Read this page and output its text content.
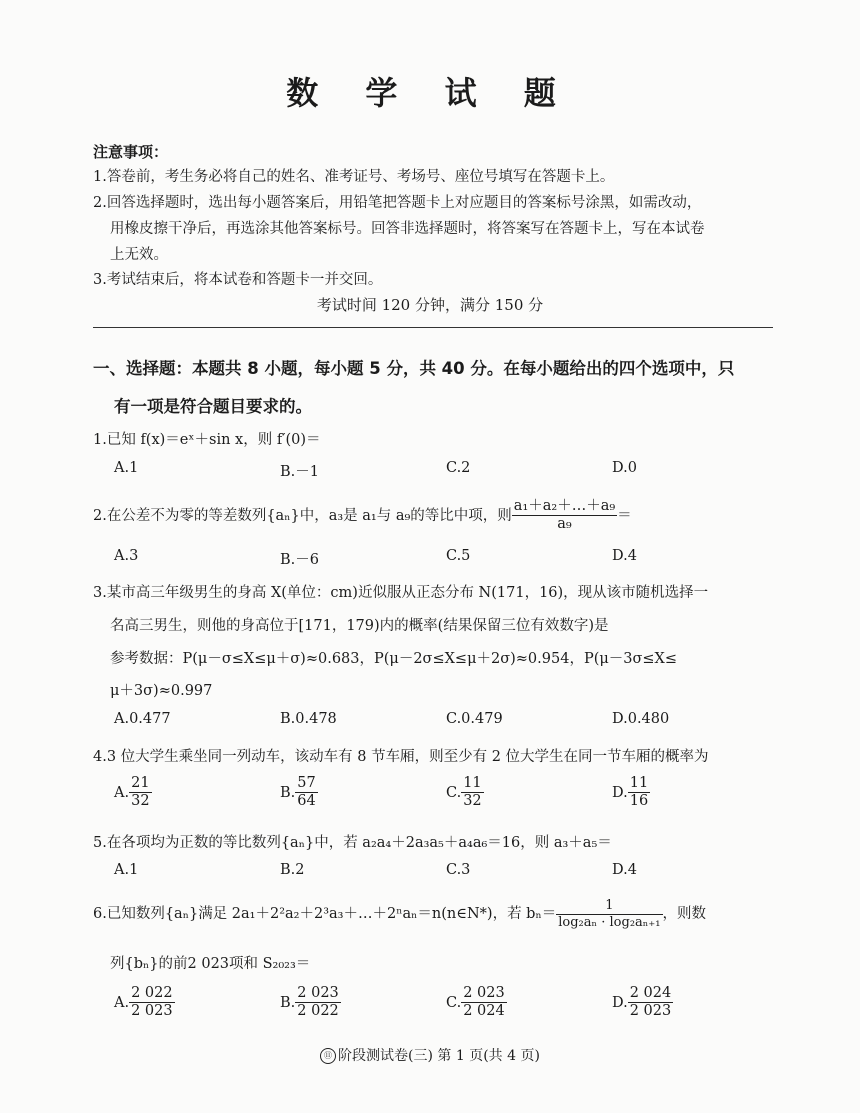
数 学 试 题
注意事项：
1.答卷前，考生务必将自己的姓名、准考证号、考场号、座位号填写在答题卡上。
2.回答选择题时，选出每小题答案后，用铅笔把答题卡上对应题目的答案标号涂黑，如需改动，
用橡皮擦干净后，再选涂其他答案标号。回答非选择题时，将答案写在答题卡上，写在本试卷
上无效。
3.考试结束后，将本试卷和答题卡一并交回。
考试时间 120 分钟，满分 150 分
一、选择题：本题共 8 小题，每小题 5 分，共 40 分。在每小题给出的四个选项中，只
有一项是符合题目要求的。
1.已知 f(x)＝eˣ＋sin x，则 f′(0)＝
A.1	B.－1	C.2	D.0
2.在公差不为零的等差数列{aₙ}中，a₃是 a₁与 a₉的等比中项，则 $\frac{\text{a₁＋a₂＋…＋a₉}}{\text{a₉}}$ ＝
A.3	B.－6	C.5	D.4
3.某市高三年级男生的身高 X(单位：cm)近似服从正态分布 N(171，16)，现从该市随机选择一
名高三男生，则他的身高位于[171，179)内的概率(结果保留三位有效数字)是
参考数据：P(μ－σ≤X≤μ＋σ)≈0.683，P(μ－2σ≤X≤μ＋2σ)≈0.954，P(μ－3σ≤X≤
μ＋3σ)≈0.997
A.0.477	B.0.478	C.0.479	D.0.480
4.3 位大学生乘坐同一列动车，该动车有 8 节车厢，则至少有 2 位大学生在同一节车厢的概率为
A. $\frac{21}{32}$	B. $\frac{57}{64}$	C. $\frac{11}{32}$	D. $\frac{11}{16}$
5.在各项均为正数的等比数列{aₙ}中，若 a₂a₄＋2a₃a₅＋a₄a₆＝16，则 a₃＋a₅＝
A.1	B.2	C.3	D.4
6.已知数列{aₙ}满足 2a₁＋2²a₂＋2³a₃＋…＋2ⁿaₙ＝n(n∈N*)，若 $b_n= \frac{1}{\text{log₂aₙ · log₂aₙ₊₁}}$ ，则数
列{bₙ}的前2 023项和 S₂₀₂₃＝
A. $\frac{2 022}{2 023}$	B. $\frac{2 023}{2 022}$	C. $\frac{2 023}{2 024}$	D. $\frac{2 024}{2 023}$
⑪ 阶段测试卷(三) 第 1 页(共 4 页)
